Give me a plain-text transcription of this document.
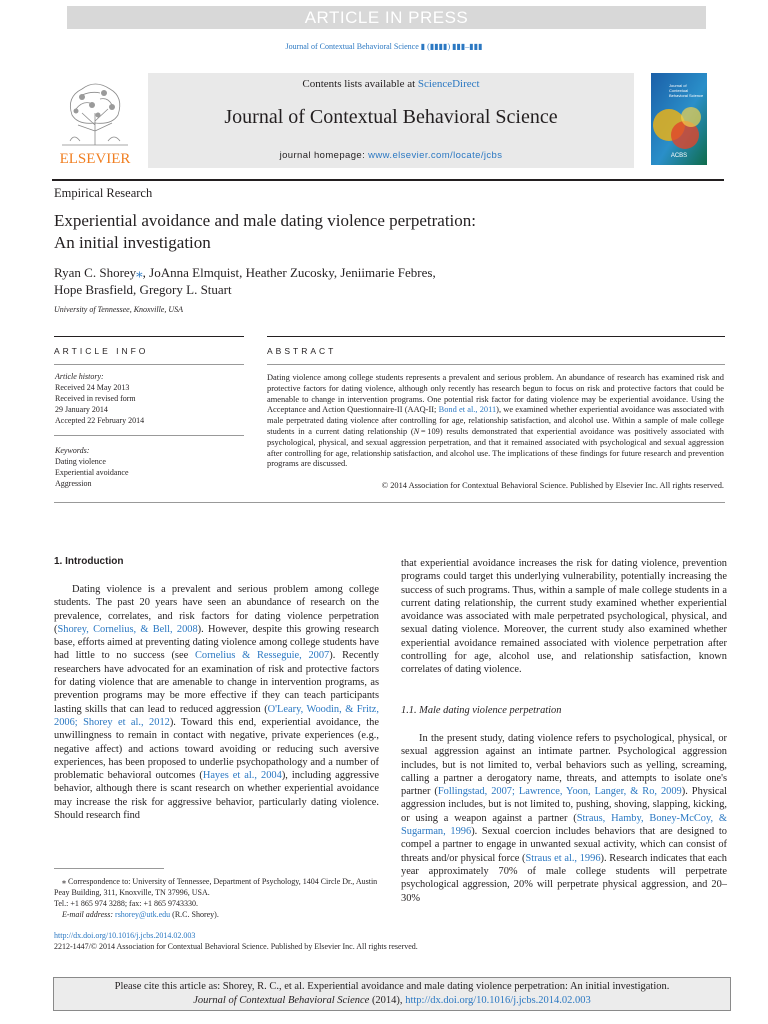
ARTICLE IN PRESS
Journal of Contextual Behavioral Science ▮ (▮▮▮▮) ▮▮▮–▮▮▮
ELSEVIER
Contents lists available at ScienceDirect
Journal of Contextual Behavioral Science
journal homepage: www.elsevier.com/locate/jcbs	ACBS
Journal of Contextual Behavioral Science
Empirical Research
Experiential avoidance and male dating violence perpetration:
An initial investigation
Ryan C. Shorey⁎, JoAnna Elmquist, Heather Zucosky, Jeniimarie Febres,
Hope Brasfield, Gregory L. Stuart
University of Tennessee, Knoxville, USA
ARTICLE INFO
Article history:
Received 24 May 2013
Received in revised form
29 January 2014
Accepted 22 February 2014
Keywords:
Dating violence
Experiential avoidance
Aggression
ABSTRACT
Dating violence among college students represents a prevalent and serious problem. An abundance of research has examined risk and protective factors for dating violence, although only recently has research begun to focus on risk and protective factors that could be amenable to change in intervention programs. One potential risk factor for dating violence may be experiential avoidance. Using the Acceptance and Action Questionnaire-II (AAQ-II; Bond et al., 2011), we examined whether experiential avoidance was associated with male perpetrated dating violence after controlling for age, relationship satisfaction, and alcohol use. Within a sample of male college students in a current dating relationship (N = 109) results demonstrated that experiential avoidance was positively associated with psychological, physical, and sexual aggression perpetration, and that it remained associated with psychological and sexual aggression after controlling for age, relationship satisfaction, and alcohol use. The implications of these findings for future research and prevention programs are discussed.
© 2014 Association for Contextual Behavioral Science. Published by Elsevier Inc. All rights reserved.
1. Introduction

Dating violence is a prevalent and serious problem among college students. The past 20 years have seen an abundance of research on the prevalence, correlates, and risk factors for dating violence perpetration (Shorey, Cornelius, & Bell, 2008). However, despite this growing research base, efforts aimed at preventing dating violence among college students have had little to no success (see Cornelius & Resseguie, 2007). Recently researchers have advocated for an examination of risk and protective factors for dating violence that are amenable to change in intervention programs, as prevention programs may be more effective if they can teach participants lasting skills that can lead to reduced aggression (O'Leary, Woodin, & Fritz, 2006; Shorey et al., 2012). Toward this end, experiential avoidance, the unwillingness to remain in contact with negative, private experiences (e.g., negative affect) and actions toward avoiding or reducing such aversive experiences, has been proposed to underlie psychopathology and a number of problematic behavioral outcomes (Hayes et al., 2004), including aggressive behavior, although there is scant research on whether experiential avoidance may increase the risk for aggressive behavior, particularly dating violence. Should research find

⁎ Correspondence to: University of Tennessee, Department of Psychology, 1404 Circle Dr., Austin Peay Building, 311, Knoxville, TN 37996, USA.
Tel.: +1 865 974 3288; fax: +1 865 9743330.
E-mail address: rshorey@utk.edu (R.C. Shorey).
that experiential avoidance increases the risk for dating violence, prevention programs could target this underlying vulnerability, potentially increasing the success of such programs. Thus, within a sample of male college students in a current dating relationship, the current study examined whether experiential avoidance was associated with male perpetrated psychological, physical, and sexual dating violence. Moreover, the current study also examined whether experiential avoidance remained associated with violence perpetration after controlling for age, alcohol use, and relationship satisfaction, known correlates of dating violence.
1.1. Male dating violence perpetration

In the present study, dating violence refers to psychological, physical, or sexual aggression against an intimate partner. Psychological aggression includes, but is not limited to, verbal behaviors such as yelling, screaming, calling a partner a derogatory name, threats, and attempts to isolate one's partner (Follingstad, 2007; Lawrence, Yoon, Langer, & Ro, 2009). Physical aggression includes, but is not limited to, pushing, shoving, slapping, kicking, or using a weapon against a partner (Straus, Hamby, Boney-McCoy, & Sugarman, 1996). Sexual coercion includes behaviors that are designed to compel a partner to engage in unwanted sexual activity, which can consist of threats and/or physical force (Straus et al., 1996). Research indicates that each year approximately 70% of male college students will perpetrate psychological aggression, 20% will perpetrate physical aggression, and 20–30%

http://dx.doi.org/10.1016/j.jcbs.2014.02.003
2212-1447/© 2014 Association for Contextual Behavioral Science. Published by Elsevier Inc. All rights reserved.
Please cite this article as: Shorey, R. C., et al. Experiential avoidance and male dating violence perpetration: An initial investigation.
Journal of Contextual Behavioral Science (2014), http://dx.doi.org/10.1016/j.jcbs.2014.02.003
